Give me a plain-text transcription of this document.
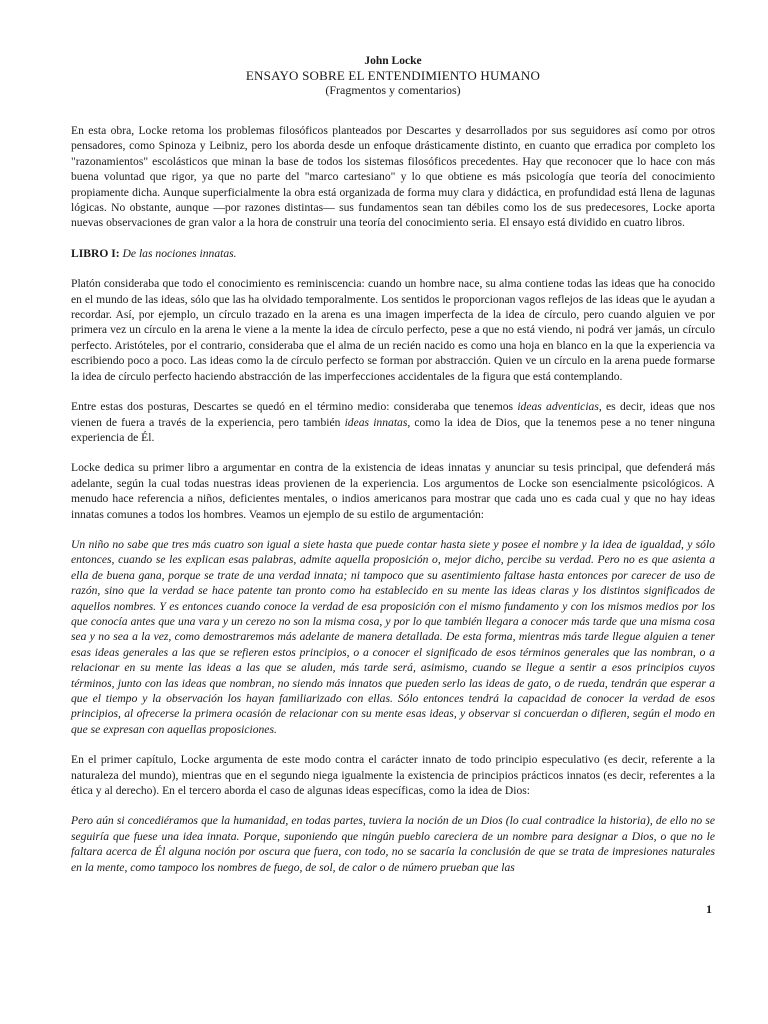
John Locke
ENSAYO SOBRE EL ENTENDIMIENTO HUMANO
(Fragmentos y comentarios)

En esta obra, Locke retoma los problemas filosóficos planteados por Descartes y desarrollados por sus seguidores así como por otros pensadores, como Spinoza y Leibniz, pero los aborda desde un enfoque drásticamente distinto, en cuanto que erradica por completo los "razonamientos" escolásticos que minan la base de todos los sistemas filosóficos precedentes. Hay que reconocer que lo hace con más buena voluntad que rigor, ya que no parte del "marco cartesiano" y lo que obtiene es más psicología que teoría del conocimiento propiamente dicha. Aunque superficialmente la obra está organizada de forma muy clara y didáctica, en profundidad está llena de lagunas lógicas. No obstante, aunque —por razones distintas— sus fundamentos sean tan débiles como los de sus predecesores, Locke aporta nuevas observaciones de gran valor a la hora de construir una teoría del conocimiento seria. El ensayo está dividido en cuatro libros.

LIBRO I: De las nociones innatas.

Platón consideraba que todo el conocimiento es reminiscencia: cuando un hombre nace, su alma contiene todas las ideas que ha conocido en el mundo de las ideas, sólo que las ha olvidado temporalmente. Los sentidos le proporcionan vagos reflejos de las ideas que le ayudan a recordar. Así, por ejemplo, un círculo trazado en la arena es una imagen imperfecta de la idea de círculo, pero cuando alguien ve por primera vez un círculo en la arena le viene a la mente la idea de círculo perfecto, pese a que no está viendo, ni podrá ver jamás, un círculo perfecto. Aristóteles, por el contrario, consideraba que el alma de un recién nacido es como una hoja en blanco en la que la experiencia va escribiendo poco a poco. Las ideas como la de círculo perfecto se forman por abstracción. Quien ve un círculo en la arena puede formarse la idea de círculo perfecto haciendo abstracción de las imperfecciones accidentales de la figura que está contemplando.

Entre estas dos posturas, Descartes se quedó en el término medio: consideraba que tenemos ideas adventicias, es decir, ideas que nos vienen de fuera a través de la experiencia, pero también ideas innatas, como la idea de Dios, que la tenemos pese a no tener ninguna experiencia de Él.

Locke dedica su primer libro a argumentar en contra de la existencia de ideas innatas y anunciar su tesis principal, que defenderá más adelante, según la cual todas nuestras ideas provienen de la experiencia. Los argumentos de Locke son esencialmente psicológicos. A menudo hace referencia a niños, deficientes mentales, o indios americanos para mostrar que cada uno es cada cual y que no hay ideas innatas comunes a todos los hombres. Veamos un ejemplo de su estilo de argumentación:

Un niño no sabe que tres más cuatro son igual a siete hasta que puede contar hasta siete y posee el nombre y la idea de igualdad, y sólo entonces, cuando se les explican esas palabras, admite aquella proposición o, mejor dicho, percibe su verdad. Pero no es que asienta a ella de buena gana, porque se trate de una verdad innata; ni tampoco que su asentimiento faltase hasta entonces por carecer de uso de razón, sino que la verdad se hace patente tan pronto como ha establecido en su mente las ideas claras y los distintos significados de aquellos nombres. Y es entonces cuando conoce la verdad de esa proposición con el mismo fundamento y con los mismos medios por los que conocía antes que una vara y un cerezo no son la misma cosa, y por lo que también llegara a conocer más tarde que una misma cosa sea y no sea a la vez, como demostraremos más adelante de manera detallada. De esta forma, mientras más tarde llegue alguien a tener esas ideas generales a las que se refieren estos principios, o a conocer el significado de esos términos generales que las nombran, o a relacionar en su mente las ideas a las que se aluden, más tarde será, asimismo, cuando se llegue a sentir a esos principios cuyos términos, junto con las ideas que nombran, no siendo más innatos que pueden serlo las ideas de gato, o de rueda, tendrán que esperar a que el tiempo y la observación los hayan familiarizado con ellas. Sólo entonces tendrá la capacidad de conocer la verdad de esos principios, al ofrecerse la primera ocasión de relacionar con su mente esas ideas, y observar si concuerdan o difieren, según el modo en que se expresan con aquellas proposiciones.

En el primer capítulo, Locke argumenta de este modo contra el carácter innato de todo principio especulativo (es decir, referente a la naturaleza del mundo), mientras que en el segundo niega igualmente la existencia de principios prácticos innatos (es decir, referentes a la ética y al derecho). En el tercero aborda el caso de algunas ideas específicas, como la idea de Dios:

Pero aún si concediéramos que la humanidad, en todas partes, tuviera la noción de un Dios (lo cual contradice la historia), de ello no se seguiría que fuese una idea innata. Porque, suponiendo que ningún pueblo careciera de un nombre para designar a Dios, o que no le faltara acerca de Él alguna noción por oscura que fuera, con todo, no se sacaría la conclusión de que se trata de impresiones naturales en la mente, como tampoco los nombres de fuego, de sol, de calor o de número prueban que las

1
